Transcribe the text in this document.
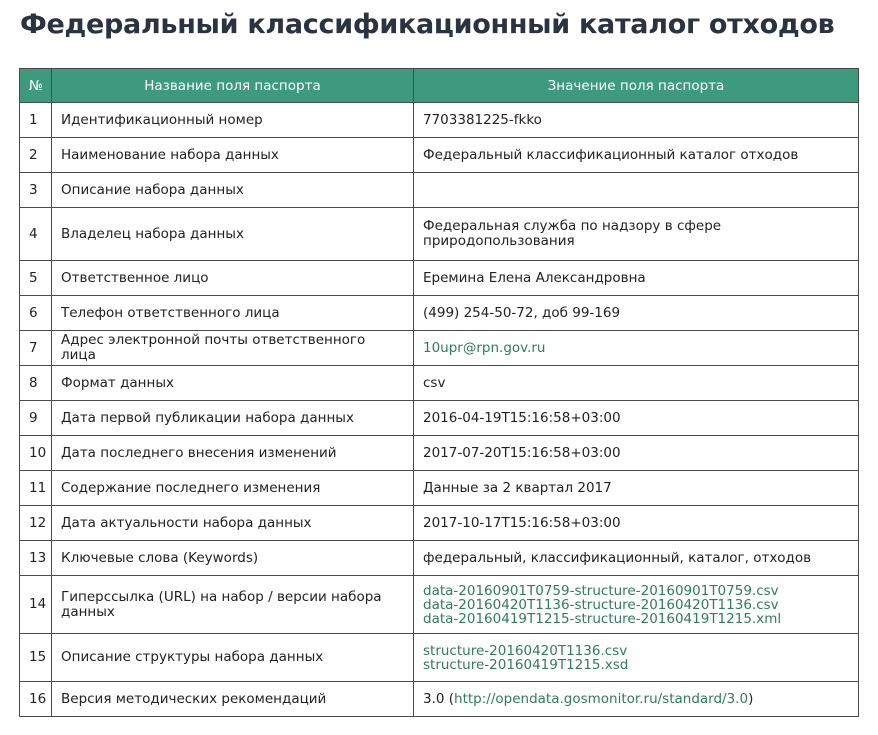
Федеральный классификационный каталог отходов
№	Название поля паспорта	Значение поля паспорта
1	Идентификационный номер	7703381225-fkko
2	Наименование набора данных	Федеральный классификационный каталог отходов
3	Описание набора данных	
4	Владелец набора данных	Федеральная служба по надзору в сфере природопользования
5	Ответственное лицо	Еремина Елена Александровна
6	Телефон ответственного лица	(499) 254-50-72, доб 99-169
7	Адрес электронной почты ответственного лица	10upr@rpn.gov.ru
8	Формат данных	csv
9	Дата первой публикации набора данных	2016-04-19T15:16:58+03:00
10	Дата последнего внесения изменений	2017-07-20T15:16:58+03:00
11	Содержание последнего изменения	Данные за 2 квартал 2017
12	Дата актуальности набора данных	2017-10-17T15:16:58+03:00
13	Ключевые слова (Keywords)	федеральный, классификационный, каталог, отходов
14	Гиперссылка (URL) на набор / версии набора данных	data-20160901T0759-structure-20160901T0759.csv
data-20160420T1136-structure-20160420T1136.csv
data-20160419T1215-structure-20160419T1215.xml

15	Описание структуры набора данных	structure-20160420T1136.csv
structure-20160419T1215.xsd

16	Версия методических рекомендаций	3.0 (http://opendata.gosmonitor.ru/standard/3.0)
